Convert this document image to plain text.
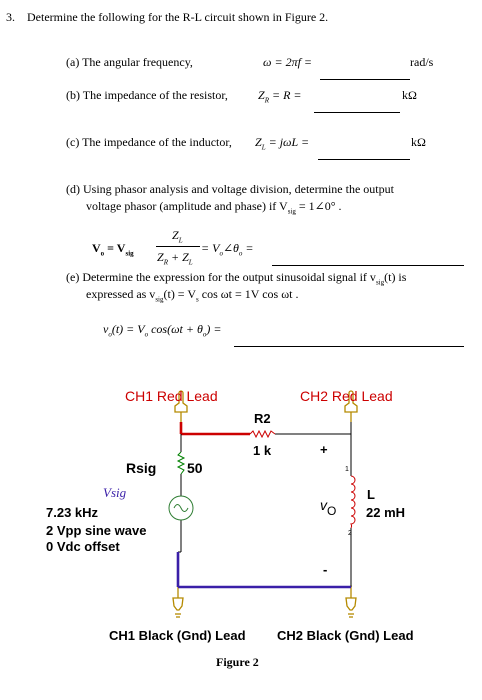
3. Determine the following for the R-L circuit shown in Figure 2.
(a) The angular frequency,	ω = 2πf =	rad/s
(b) The impedance of the resistor,	$Z_R = R$ =	kΩ
(c) The impedance of the inductor, $Z_L = j\omega L$ =	kΩ
(d) Using phasor analysis and voltage division, determine the output
voltage phasor (amplitude and phase) if $V_{sig}$ = 1∠0° .
$V_o = V_{sig}$
$Z_L$
$Z_R + Z_L$
= $V_o\angle\theta_o$ =
(e) Determine the expression for the output sinusoidal signal if $v_{sig}(t)$ is
expressed as $v_{sig}(t) = V_s$ cos ωt = 1V cos ωt .
$v_o(t) = V_o$ $\cos(\omega t + \theta_o)$ =
CH1 Red Lead	CH2 Red Lead
R2
1 k
Rsig 50
Vsig
7.23 kHz
2 Vpp sine wave
0 Vdc offset
+
-
vO
1
2
L
22 mH
CH1 Black (Gnd) Lead CH2 Black (Gnd) Lead
Figure 2
